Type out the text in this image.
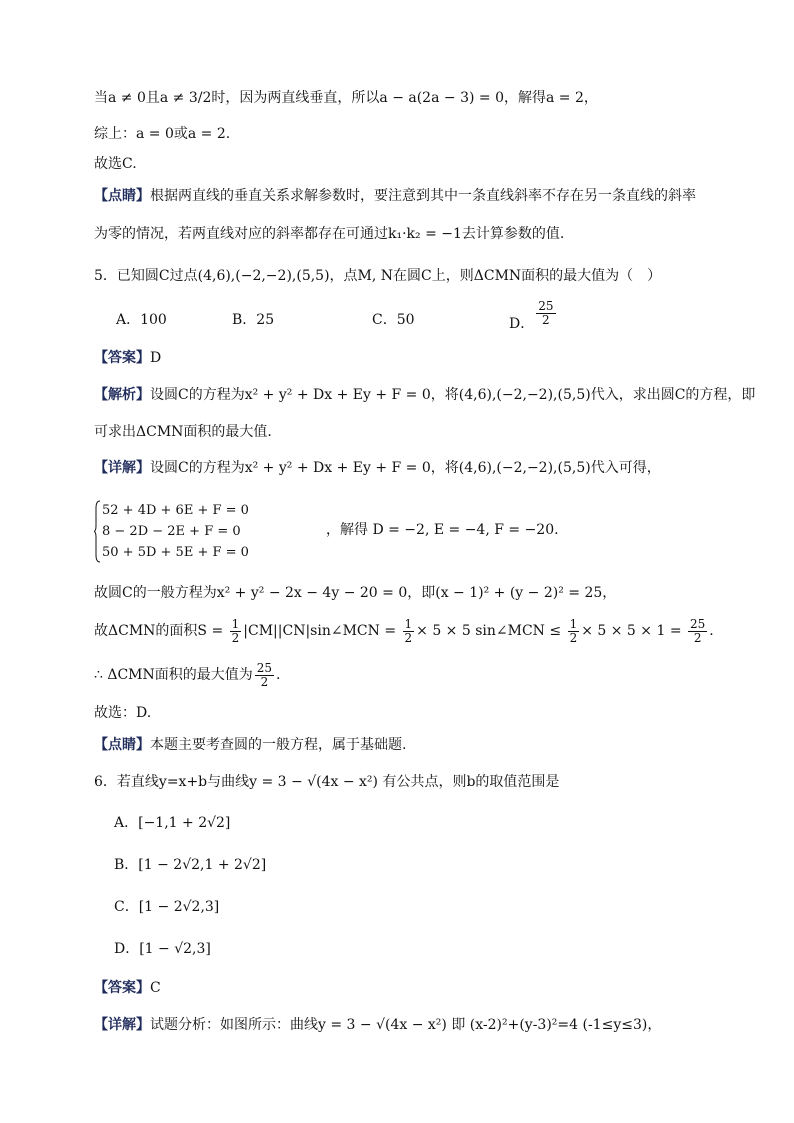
当a ≠ 0且a ≠ 3/2时，因为两直线垂直，所以a − a(2a − 3) = 0，解得a = 2，
综上：a = 0或a = 2.
故选C.
【点睛】根据两直线的垂直关系求解参数时，要注意到其中一条直线斜率不存在另一条直线的斜率
为零的情况，若两直线对应的斜率都存在可通过k₁·k₂ = −1去计算参数的值.
5．已知圆C过点(4,6),(−2,−2),(5,5)，点M, N在圆C上，则ΔCMN面积的最大值为（　）
A．100	B．25	C．50	D． $\frac{25}{2}$
【答案】D
【解析】设圆C的方程为x² + y² + Dx + Ey + F = 0，将(4,6),(−2,−2),(5,5)代入，求出圆C的方程，即
可求出ΔCMN面积的最大值.
【详解】设圆C的方程为x² + y² + Dx + Ey + F = 0，将(4,6),(−2,−2),(5,5)代入可得，
52 + 4D + 6E + F = 0
8 − 2D − 2E + F = 0
50 + 5D + 5E + F = 0
，解得 D = −2, E = −4, F = −20.
故圆C的一般方程为x² + y² − 2x − 4y − 20 = 0，即(x − 1)² + (y − 2)² = 25，
故ΔCMN的面积$S = \frac{1}{2}$ |CM||CN|sin∠MCN = $\frac{1}{2} \times 5 \times 5$ sin∠MCN ≤ $\frac{1}{2} \times 5 \times 5 \times 1 = \frac{25}{2}$ .
∴ ΔCMN面积的最大值为 $\frac{25}{2}$ .
故选：D.
【点睛】本题主要考查圆的一般方程，属于基础题.
6．若直线y=x+b与曲线y = 3 − √(4x − x²) 有公共点，则b的取值范围是
A．[−1,1 + 2√2]
B．[1 − 2√2,1 + 2√2]
C．[1 − 2√2,3]
D．[1 − √2,3]
【答案】C
【详解】试题分析：如图所示：曲线y = 3 − √(4x − x²) 即 (x-2)²+(y-3)²=4 (-1≤y≤3)，
